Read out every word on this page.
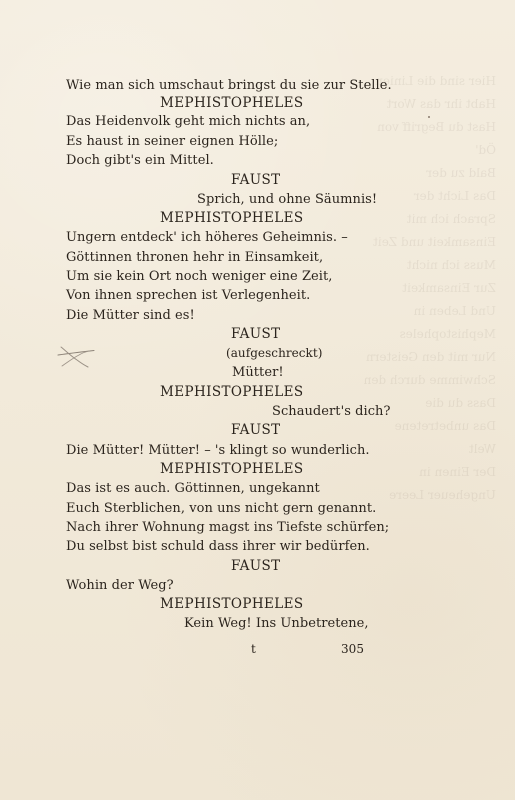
Hier sind die Linien
Habt ihr das Wort
Hast du Begriff von Öd'
Bald zu der
Das Licht der
Sprach ich mit
Einsamkeit und Zeit
Muss ich nicht
Zur Einsamkeit
Und Leben in
Mephistopheles
Nur mit den Geistern
Schwimme durch den
Dass du die
Das unbetretene
Welt
Der Einen in
Ungeheuer Leere
Wie man sich umschaut bringst du sie zur Stelle.
MEPHISTOPHELES
Das Heidenvolk geht mich nichts an,
Es haust in seiner eignen Hölle;
Doch gibt's ein Mittel.
FAUST
Sprich, und ohne Säumnis!
MEPHISTOPHELES
Ungern entdeck' ich höheres Geheimnis. –
Göttinnen thronen hehr in Einsamkeit,
Um sie kein Ort noch weniger eine Zeit,
Von ihnen sprechen ist Verlegenheit.
Die Mütter sind es!
FAUST
(aufgeschreckt)
Mütter!
MEPHISTOPHELES
Schaudert's dich?
FAUST
Die Mütter! Mütter! – 's klingt so wunderlich.
MEPHISTOPHELES
Das ist es auch. Göttinnen, ungekannt
Euch Sterblichen, von uns nicht gern genannt.
Nach ihrer Wohnung magst ins Tiefste schürfen;
Du selbst bist schuld dass ihrer wir bedürfen.
FAUST
Wohin der Weg?
MEPHISTOPHELES
Kein Weg! Ins Unbetretene,
t	305
